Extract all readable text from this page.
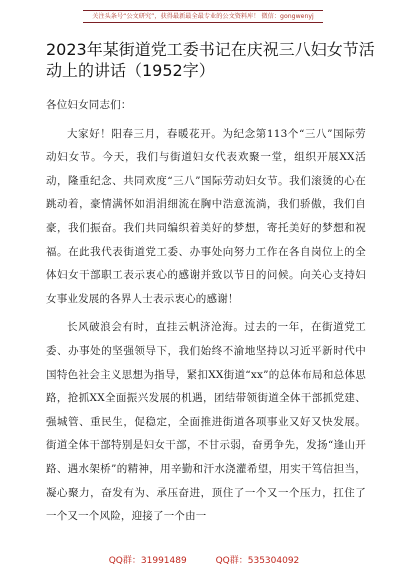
关注头条号“公文研究”，获得最新最全最专业的公文资料库！ 微信：gongwenyj
2023年某街道党工委书记在庆祝三八妇女节活动上的讲话（1952字）

各位妇女同志们：

大家好！阳春三月，春暖花开。为纪念第113个“三八”国际劳动妇女节。今天，我们与街道妇女代表欢聚一堂，组织开展XX活动，隆重纪念、共同欢度“三八”国际劳动妇女节。我们滚烫的心在跳动着，豪情满怀如涓涓细流在胸中浩意流淌，我们骄傲，我们自豪，我们振奋。我们共同编织着美好的梦想，寄托美好的梦想和祝福。在此我代表街道党工委、办事处向努力工作在各自岗位上的全体妇女干部职工表示衷心的感谢并致以节日的问候。向关心支持妇女事业发展的各界人士表示衷心的感谢！

长风破浪会有时，直挂云帆济沧海。过去的一年，在街道党工委、办事处的坚强领导下，我们始终不渝地坚持以习近平新时代中国特色社会主义思想为指导，紧扣XX街道“xx”的总体布局和总体思路，抢抓XX全面振兴发展的机遇，团结带领街道全体干部抓党建、强城管、重民生，促稳定，全面推进街道各项事业又好又快发展。街道全体干部特别是妇女干部，不甘示弱，奋勇争先，发扬“逢山开路、遇水架桥”的精神，用辛勤和汗水浇灌希望，用实干笃信担当，凝心聚力，奋发有为、承压奋进，顶住了一个又一个压力，扛住了一个又一个风险，迎接了一个由一

QQ群：31991489	QQ群：535304092
